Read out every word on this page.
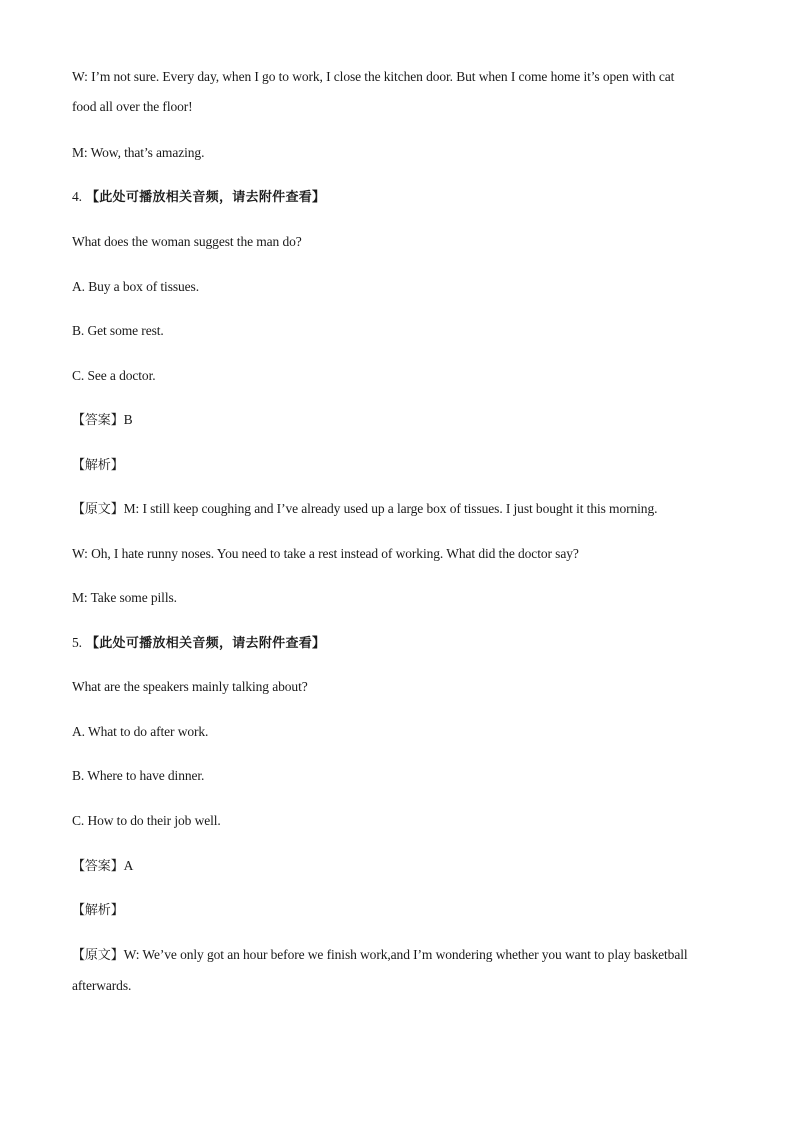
W: I’m not sure. Every day, when I go to work, I close the kitchen door. But when I come home it’s open with cat
food all over the floor!
M: Wow, that’s amazing.
4. 【此处可播放相关音频，请去附件查看】
What does the woman suggest the man do?
A. Buy a box of tissues.
B. Get some rest.
C. See a doctor.
【答案】B
【解析】
【原文】M: I still keep coughing and I’ve already used up a large box of tissues. I just bought it this morning.
W: Oh, I hate runny noses. You need to take a rest instead of working. What did the doctor say?
M: Take some pills.
5. 【此处可播放相关音频，请去附件查看】
What are the speakers mainly talking about?
A. What to do after work.
B. Where to have dinner.
C. How to do their job well.
【答案】A
【解析】
【原文】W: We’ve only got an hour before we finish work,and I’m wondering whether you want to play basketball
afterwards.
